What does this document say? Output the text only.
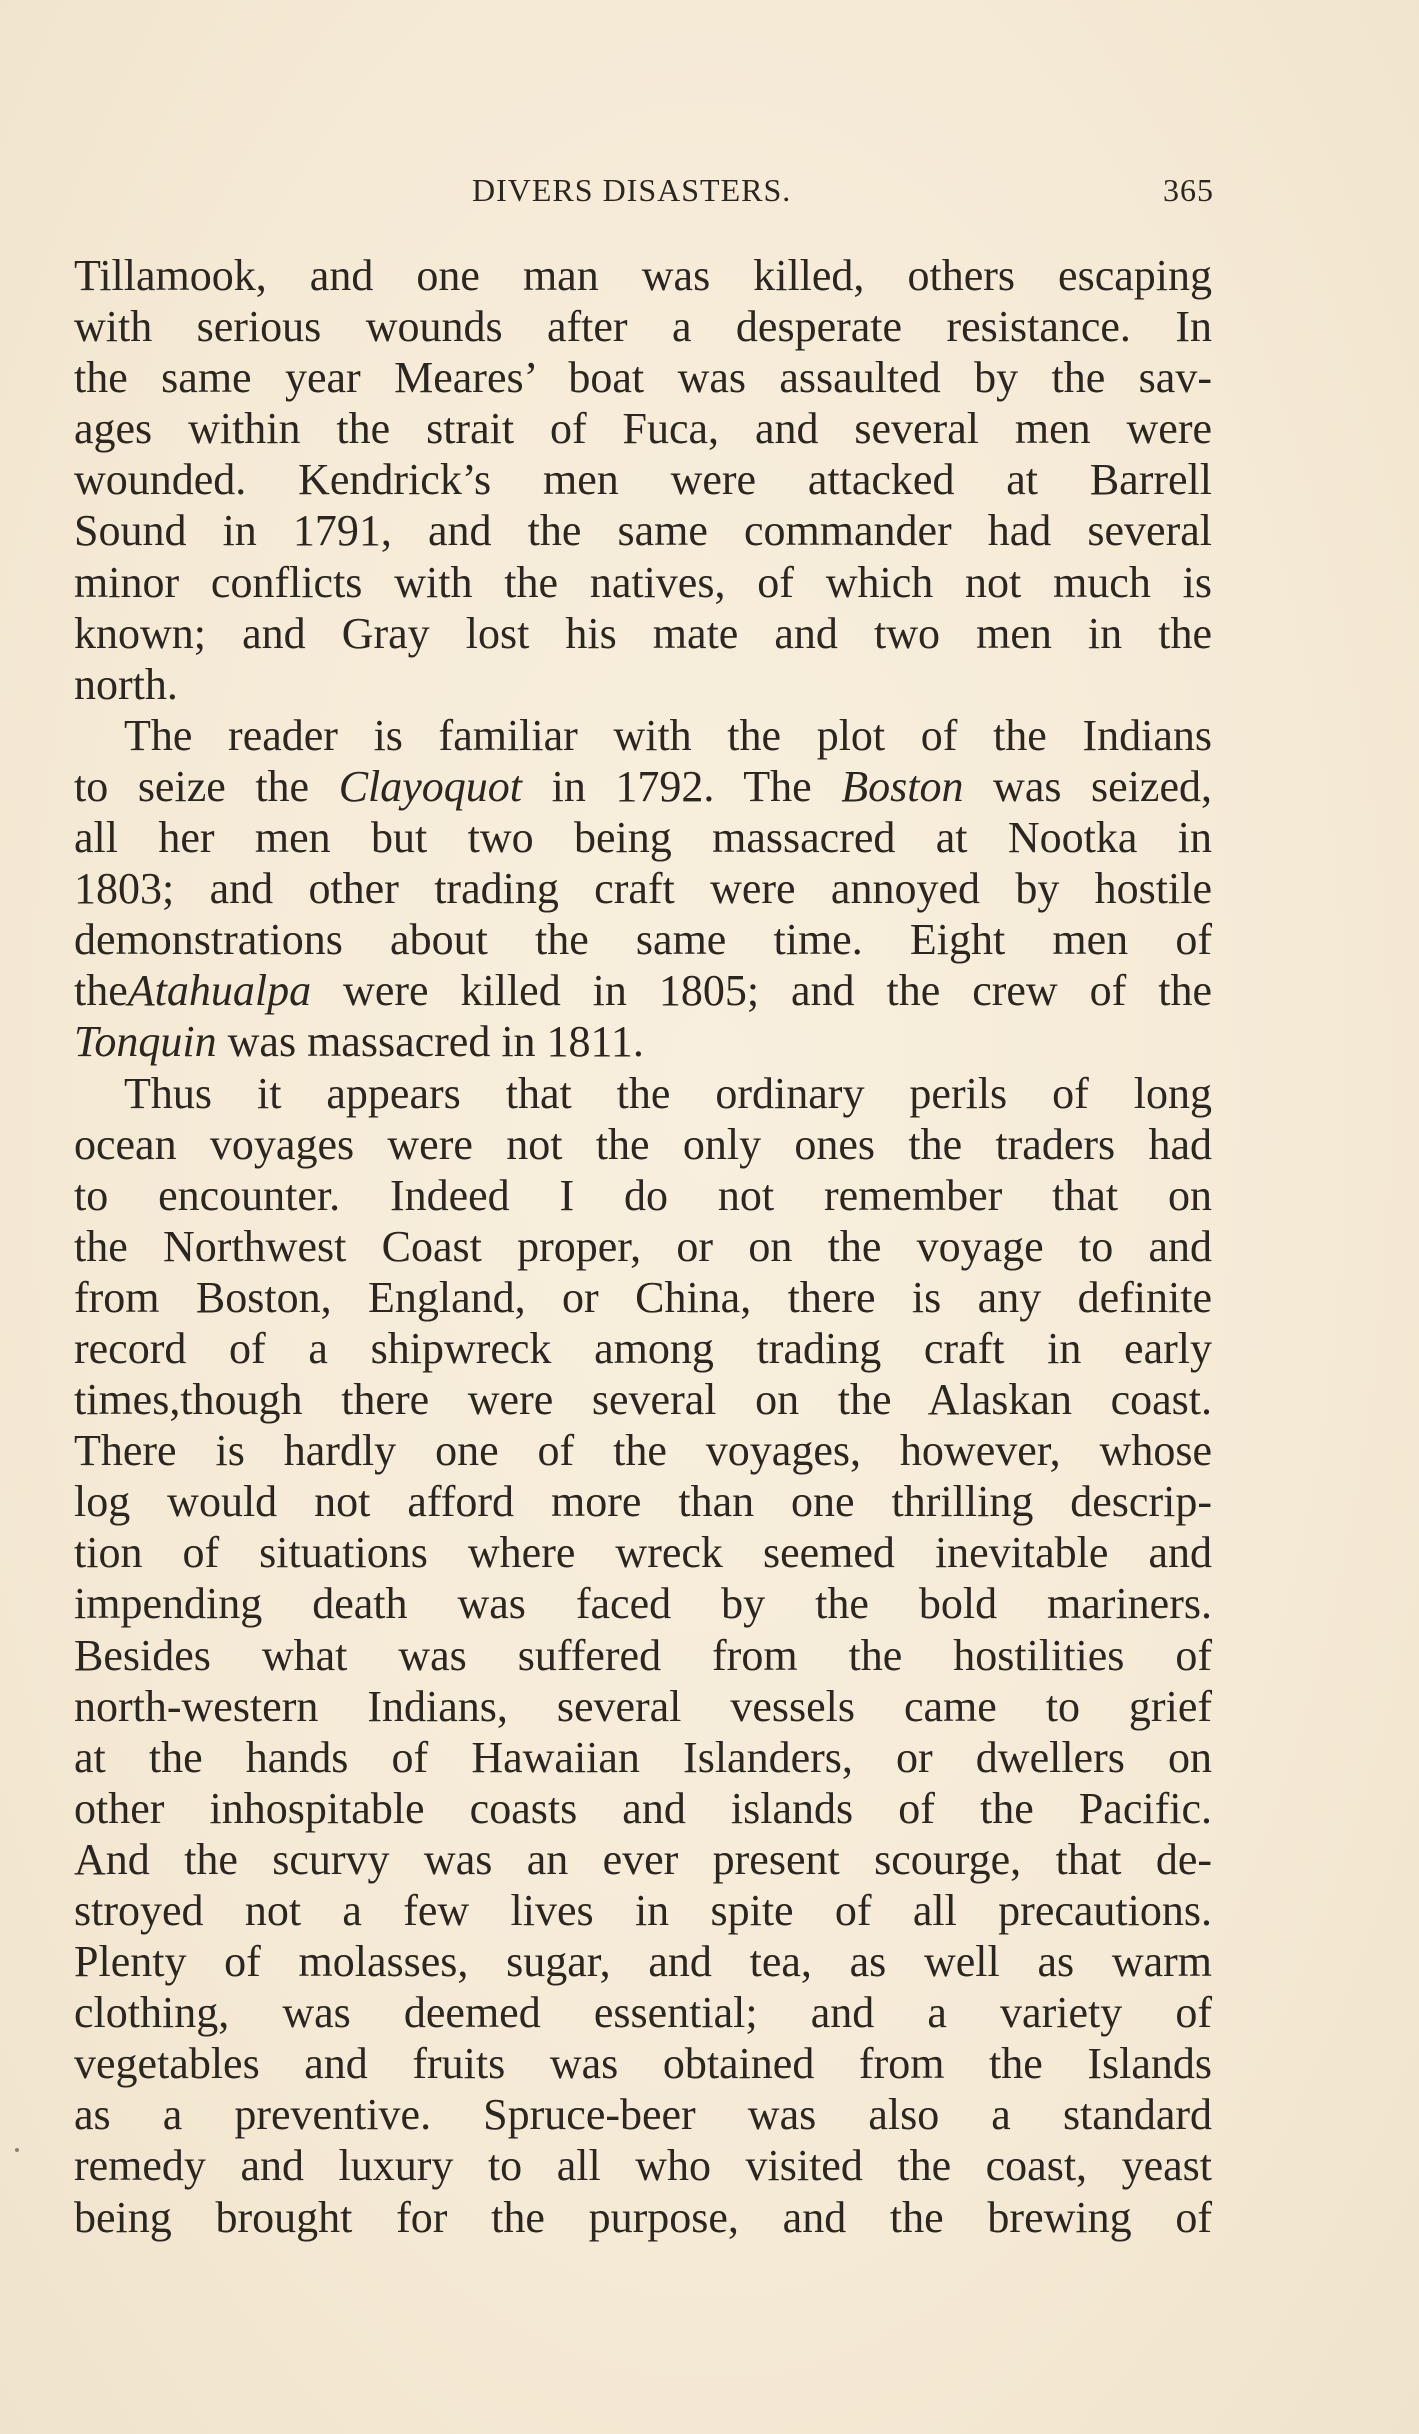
DIVERS DISASTERS.	365
Tillamook, and one man was killed, others escaping
with serious wounds after a desperate resistance. In
the same year Meares’ boat was assaulted by the sav-
ages within the strait of Fuca, and several men were
wounded. Kendrick’s men were attacked at Barrell
Sound in 1791, and the same commander had several
minor conflicts with the natives, of which not much is
known; and Gray lost his mate and two men in the
north.
The reader is familiar with the plot of the Indians
to seize the Clayoquot in 1792. The Boston was seized,
all her men but two being massacred at Nootka in
1803; and other trading craft were annoyed by hostile
demonstrations about the same time. Eight men of
theAtahualpa were killed in 1805; and the crew of the
Tonquin was massacred in 1811.
Thus it appears that the ordinary perils of long
ocean voyages were not the only ones the traders had
to encounter. Indeed I do not remember that on
the Northwest Coast proper, or on the voyage to and
from Boston, England, or China, there is any definite
record of a shipwreck among trading craft in early
times,though there were several on the Alaskan coast.
There is hardly one of the voyages, however, whose
log would not afford more than one thrilling descrip-
tion of situations where wreck seemed inevitable and
impending death was faced by the bold mariners.
Besides what was suffered from the hostilities of
north-western Indians, several vessels came to grief
at the hands of Hawaiian Islanders, or dwellers on
other inhospitable coasts and islands of the Pacific.
And the scurvy was an ever present scourge, that de-
stroyed not a few lives in spite of all precautions.
Plenty of molasses, sugar, and tea, as well as warm
clothing, was deemed essential; and a variety of
vegetables and fruits was obtained from the Islands
as a preventive. Spruce-beer was also a standard
remedy and luxury to all who visited the coast, yeast
being brought for the purpose, and the brewing of
